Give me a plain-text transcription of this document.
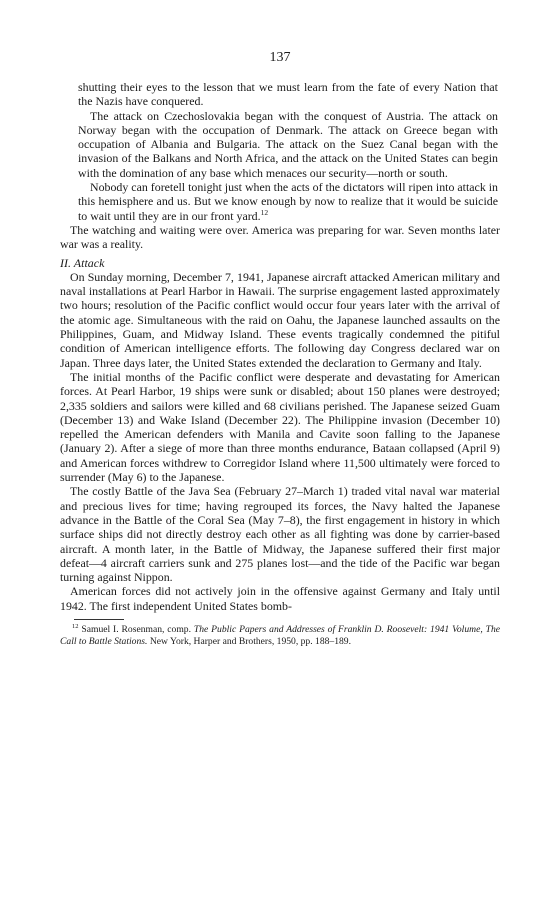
137

shutting their eyes to the lesson that we must learn from the fate of every Nation that the Nazis have conquered.

The attack on Czechoslovakia began with the conquest of Austria. The attack on Norway began with the occupation of Denmark. The attack on Greece began with occupation of Albania and Bulgaria. The attack on the Suez Canal began with the invasion of the Balkans and North Africa, and the attack on the United States can begin with the domination of any base which menaces our security—north or south.

Nobody can foretell tonight just when the acts of the dictators will ripen into attack in this hemisphere and us. But we know enough by now to realize that it would be suicide to wait until they are in our front yard.$^{12}$

The watching and waiting were over. America was preparing for war. Seven months later war was a reality.

II. Attack

On Sunday morning, December 7, 1941, Japanese aircraft attacked American military and naval installations at Pearl Harbor in Hawaii. The surprise engagement lasted approximately two hours; resolution of the Pacific conflict would occur four years later with the arrival of the atomic age. Simultaneous with the raid on Oahu, the Japanese launched assaults on the Philippines, Guam, and Midway Island. These events tragically condemned the pitiful condition of American intelligence efforts. The following day Congress declared war on Japan. Three days later, the United States extended the declaration to Germany and Italy.

The initial months of the Pacific conflict were desperate and devastating for American forces. At Pearl Harbor, 19 ships were sunk or disabled; about 150 planes were destroyed; 2,335 soldiers and sailors were killed and 68 civilians perished. The Japanese seized Guam (December 13) and Wake Island (December 22). The Philippine invasion (December 10) repelled the American defenders with Manila and Cavite soon falling to the Japanese (January 2). After a siege of more than three months endurance, Bataan collapsed (April 9) and American forces withdrew to Corregidor Island where 11,500 ultimately were forced to surrender (May 6) to the Japanese.

The costly Battle of the Java Sea (February 27–March 1) traded vital naval war material and precious lives for time; having regrouped its forces, the Navy halted the Japanese advance in the Battle of the Coral Sea (May 7–8), the first engagement in history in which surface ships did not directly destroy each other as all fighting was done by carrier-based aircraft. A month later, in the Battle of Midway, the Japanese suffered their first major defeat—4 aircraft carriers sunk and 275 planes lost—and the tide of the Pacific war began turning against Nippon.

American forces did not actively join in the offensive against Germany and Italy until 1942. The first independent United States bomb-

$^{12}$ Samuel I. Rosenman, comp. The Public Papers and Addresses of Franklin D. Roosevelt: 1941 Volume, The Call to Battle Stations. New York, Harper and Brothers, 1950, pp. 188–189.
